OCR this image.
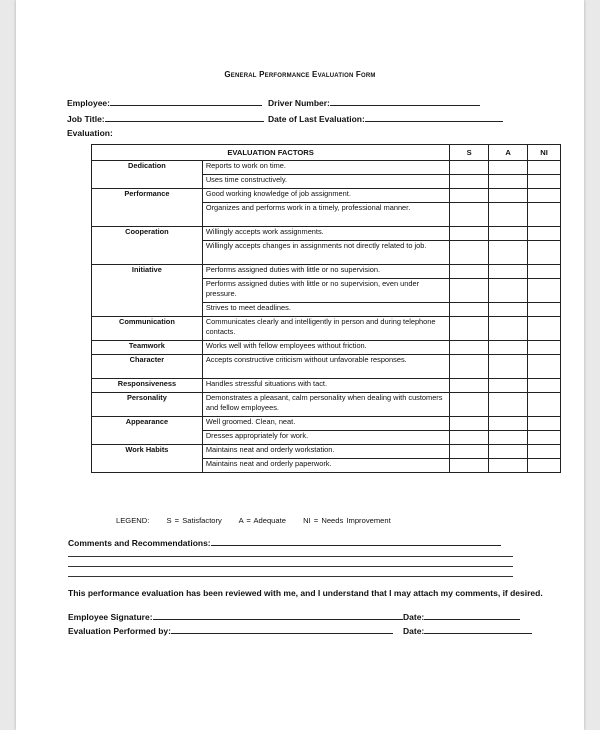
General Performance Evaluation Form
Employee:	Driver Number:
Job Title:	Date of Last Evaluation:
Evaluation:
EVALUATION FACTORS		S	A	NI
Dedication	Reports to work on time.			
	Uses time constructively.			
Performance	Good working knowledge of job assignment.			
	Organizes and performs work in a timely, professional manner.			
Cooperation	Willingly accepts work assignments.			
	Willingly accepts changes in assignments not directly related to job.			
Initiative	Performs assigned duties with little or no supervision.			
	Performs assigned duties with little or no supervision, even under pressure.			
	Strives to meet deadlines.			
Communication	Communicates clearly and intelligently in person and during telephone contacts.			
Teamwork	Works well with fellow employees without friction.			
Character	Accepts constructive criticism without unfavorable responses.			
Responsiveness	Handles stressful situations with tact.			
Personality	Demonstrates a pleasant, calm personality when dealing with customers and fellow employees.			
Appearance	Well groomed. Clean, neat.			
	Dresses appropriately for work.			
Work Habits	Maintains neat and orderly workstation.			
	Maintains neat and orderly paperwork.			
LEGEND: S = Satisfactory A = Adequate NI = Needs Improvement
Comments and Recommendations:
This performance evaluation has been reviewed with me, and I understand that I may attach my comments, if desired.
Employee Signature:	Date:
Evaluation Performed by:	Date:
